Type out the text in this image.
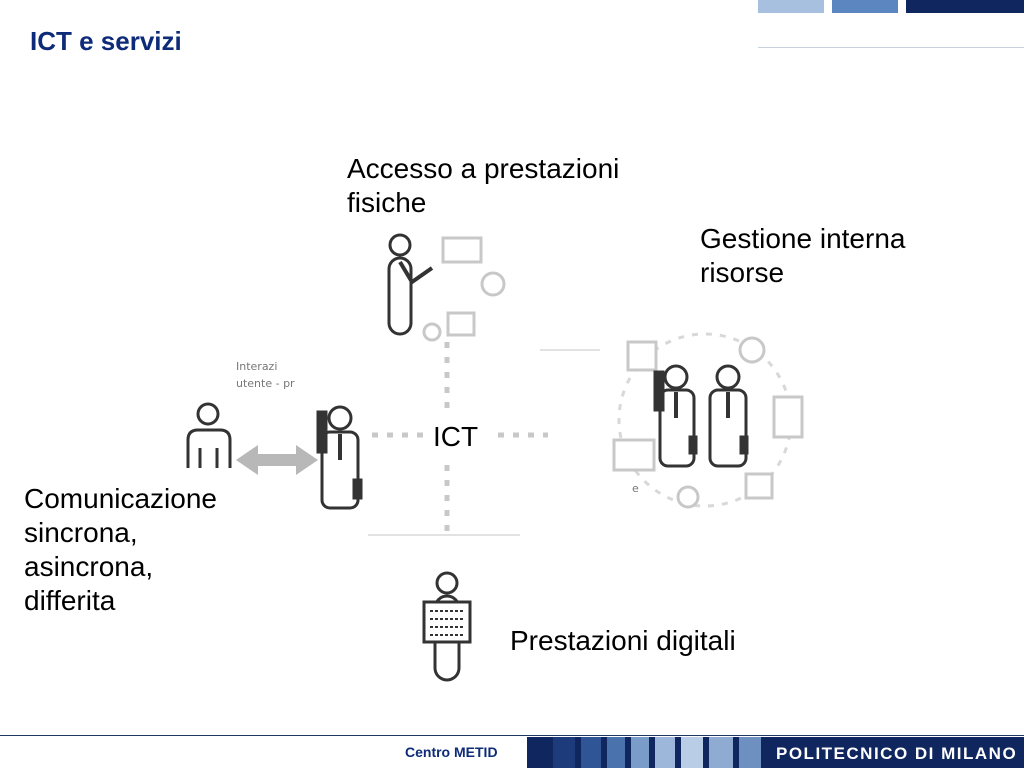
ICT e servizi
Interazi
utente - pr
e
ICT
Accesso a prestazioni
fisiche
Gestione interna
risorse
Comunicazione
sincrona,
asincrona,
differita
Prestazioni digitali
Centro METID	POLITECNICO DI MILANO
